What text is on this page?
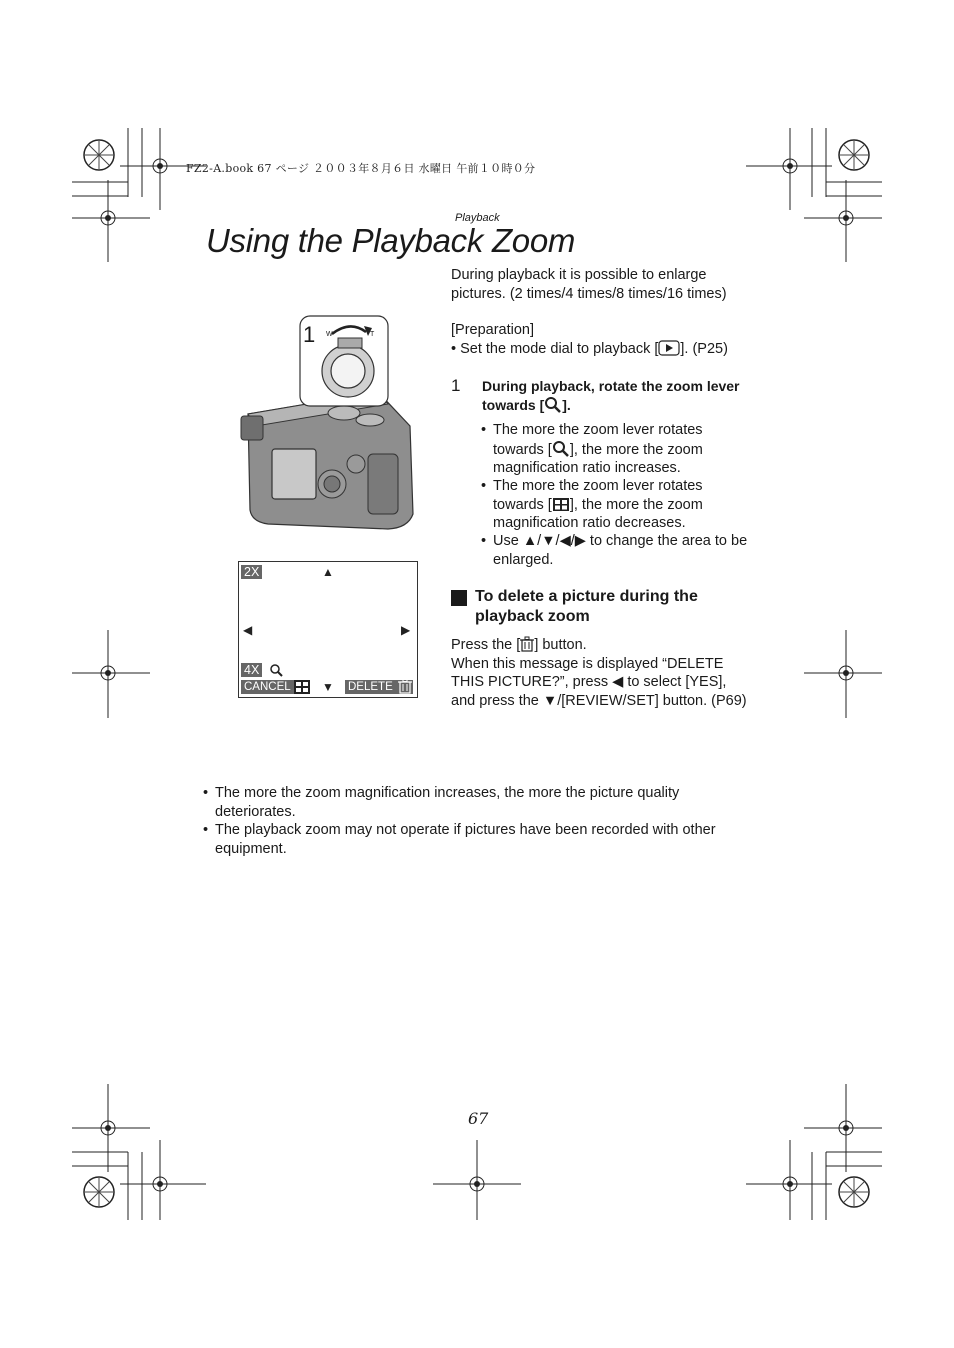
FZ2-A.book 67 ページ ２００３年８月６日 水曜日 午前１０時０分
Playback
Using the Playback Zoom
1 W	T
2X	▲
◀	▶
4X
CANCEL	▼ DELETE
During playback it is possible to enlarge pictures. (2 times/4 times/8 times/16 times)
[Preparation]
• Set the mode dial to playback [ ]. (P25)
1 During playback, rotate the zoom lever towards [ ].
• The more the zoom lever rotates towards [ ], the more the zoom magnification ratio increases.
• The more the zoom lever rotates towards [ ], the more the zoom magnification ratio decreases.
• Use ▲/▼/◀/▶ to change the area to be enlarged.
To delete a picture during the playback zoom
Press the [ ] button.
When this message is displayed “DELETE THIS PICTURE?”, press ◀ to select [YES], and press the ▼/[REVIEW/SET] button. (P69)
• The more the zoom magnification increases, the more the picture quality deteriorates.
• The playback zoom may not operate if pictures have been recorded with other equipment.
67
